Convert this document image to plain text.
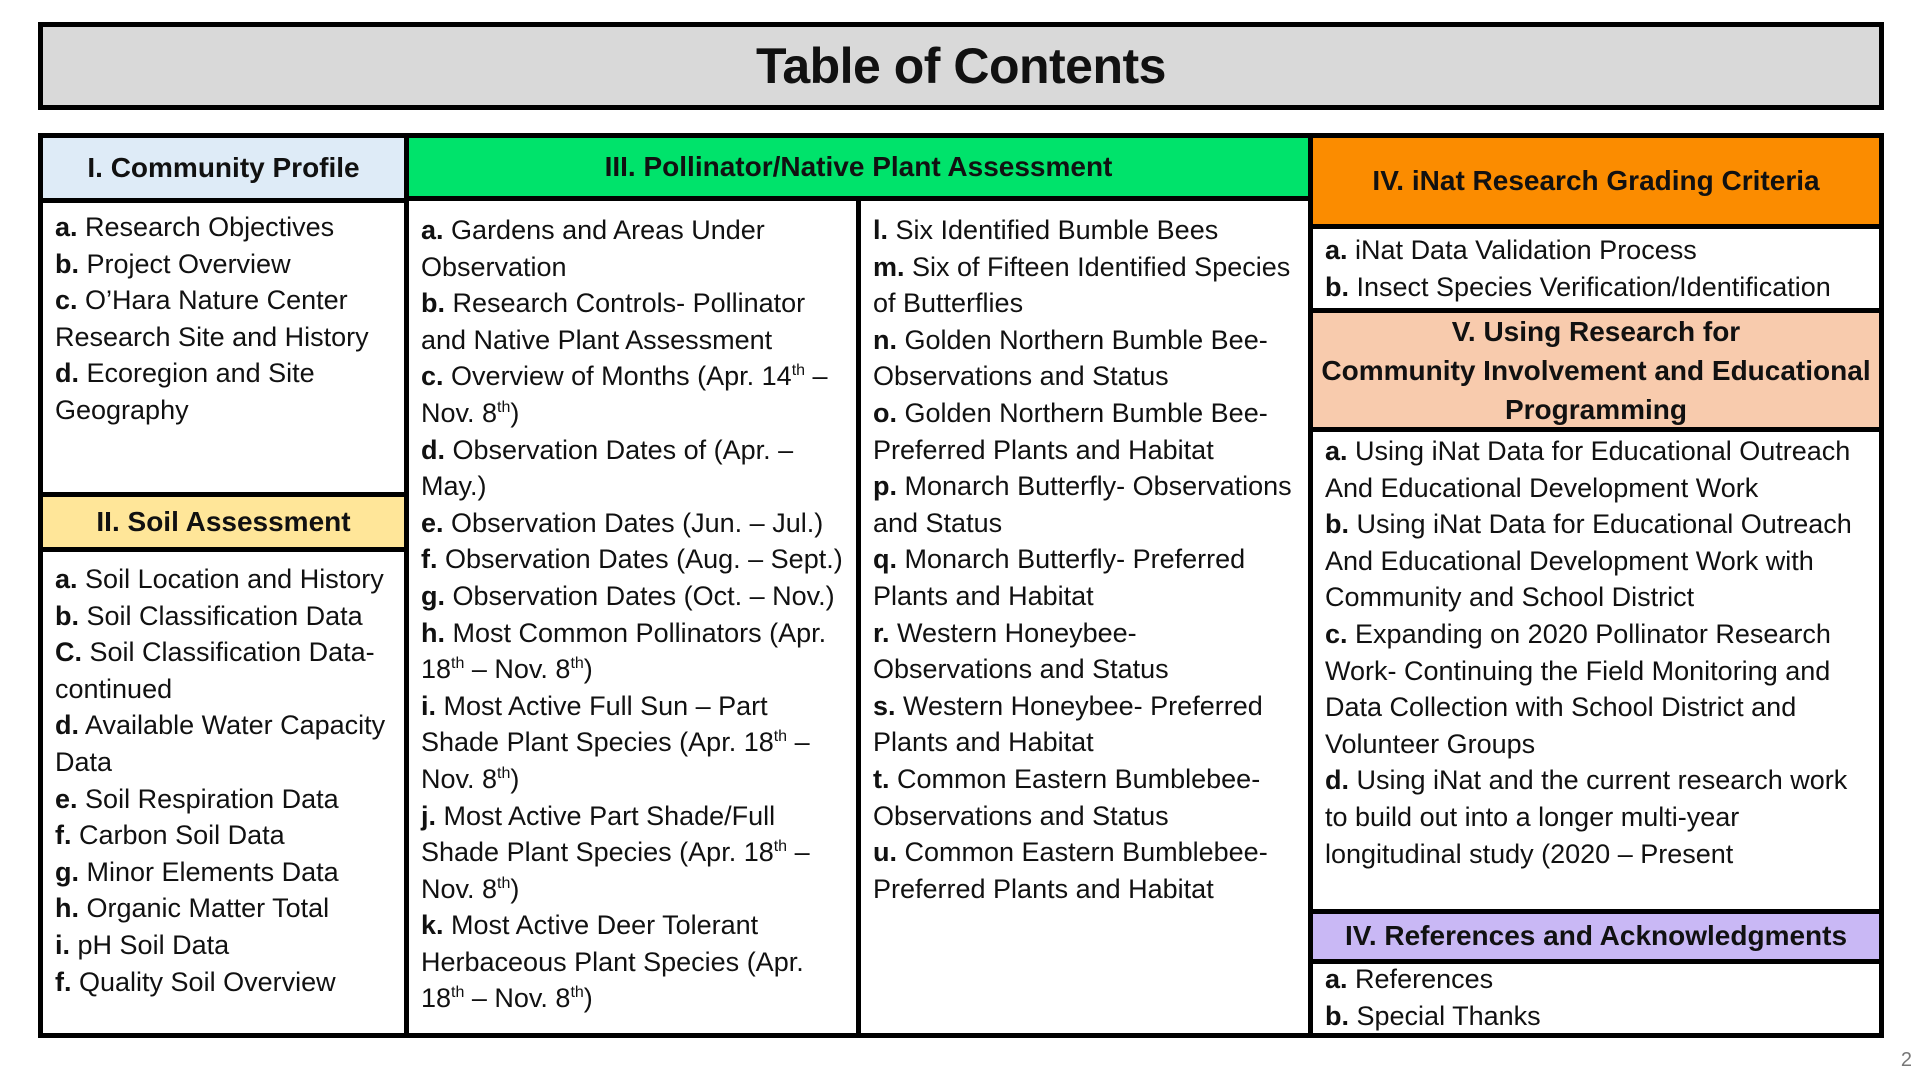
Table of Contents
I. Community Profile
a. Research Objectives
b. Project Overview
c. O’Hara Nature Center Research Site and History
d. Ecoregion and Site Geography
II. Soil Assessment
a. Soil Location and History
b. Soil Classification Data
C. Soil Classification Data-continued
d. Available Water Capacity Data
e. Soil Respiration Data
f. Carbon Soil Data
g. Minor Elements Data
h. Organic Matter Total
i. pH Soil Data
f. Quality Soil Overview
III. Pollinator/Native Plant Assessment
a. Gardens and Areas Under Observation
b. Research Controls- Pollinator and Native Plant Assessment
c. Overview of Months (Apr. 14th – Nov. 8th)
d. Observation Dates of (Apr. – May.)
e. Observation Dates (Jun. – Jul.)
f. Observation Dates (Aug. – Sept.)
g. Observation Dates (Oct. – Nov.)
h. Most Common Pollinators (Apr. 18th – Nov. 8th)
i. Most Active Full Sun – Part Shade Plant Species (Apr. 18th – Nov. 8th)
j. Most Active Part Shade/Full Shade Plant Species (Apr. 18th – Nov. 8th)
k. Most Active Deer Tolerant Herbaceous Plant Species (Apr. 18th – Nov. 8th)
l. Six Identified Bumble Bees
m. Six of Fifteen Identified Species of Butterflies
n. Golden Northern Bumble Bee- Observations and Status
o. Golden Northern Bumble Bee- Preferred Plants and Habitat
p. Monarch Butterfly- Observations and Status
q. Monarch Butterfly- Preferred Plants and Habitat
r. Western Honeybee- Observations and Status
s. Western Honeybee- Preferred Plants and Habitat
t. Common Eastern Bumblebee- Observations and Status
u. Common Eastern Bumblebee- Preferred Plants and Habitat
IV. iNat Research Grading Criteria
a. iNat Data Validation Process
b. Insect Species Verification/Identification
V. Using Research for
Community Involvement and Educational
Programming
a. Using iNat Data for Educational Outreach And Educational Development Work
b. Using iNat Data for Educational Outreach And Educational Development Work with Community and School District
c. Expanding on 2020 Pollinator Research Work- Continuing the Field Monitoring and Data Collection with School District and Volunteer Groups
d. Using iNat and the current research work to build out into a longer multi-year longitudinal study (2020 – Present
IV. References and Acknowledgments
a. References
b. Special Thanks
2
